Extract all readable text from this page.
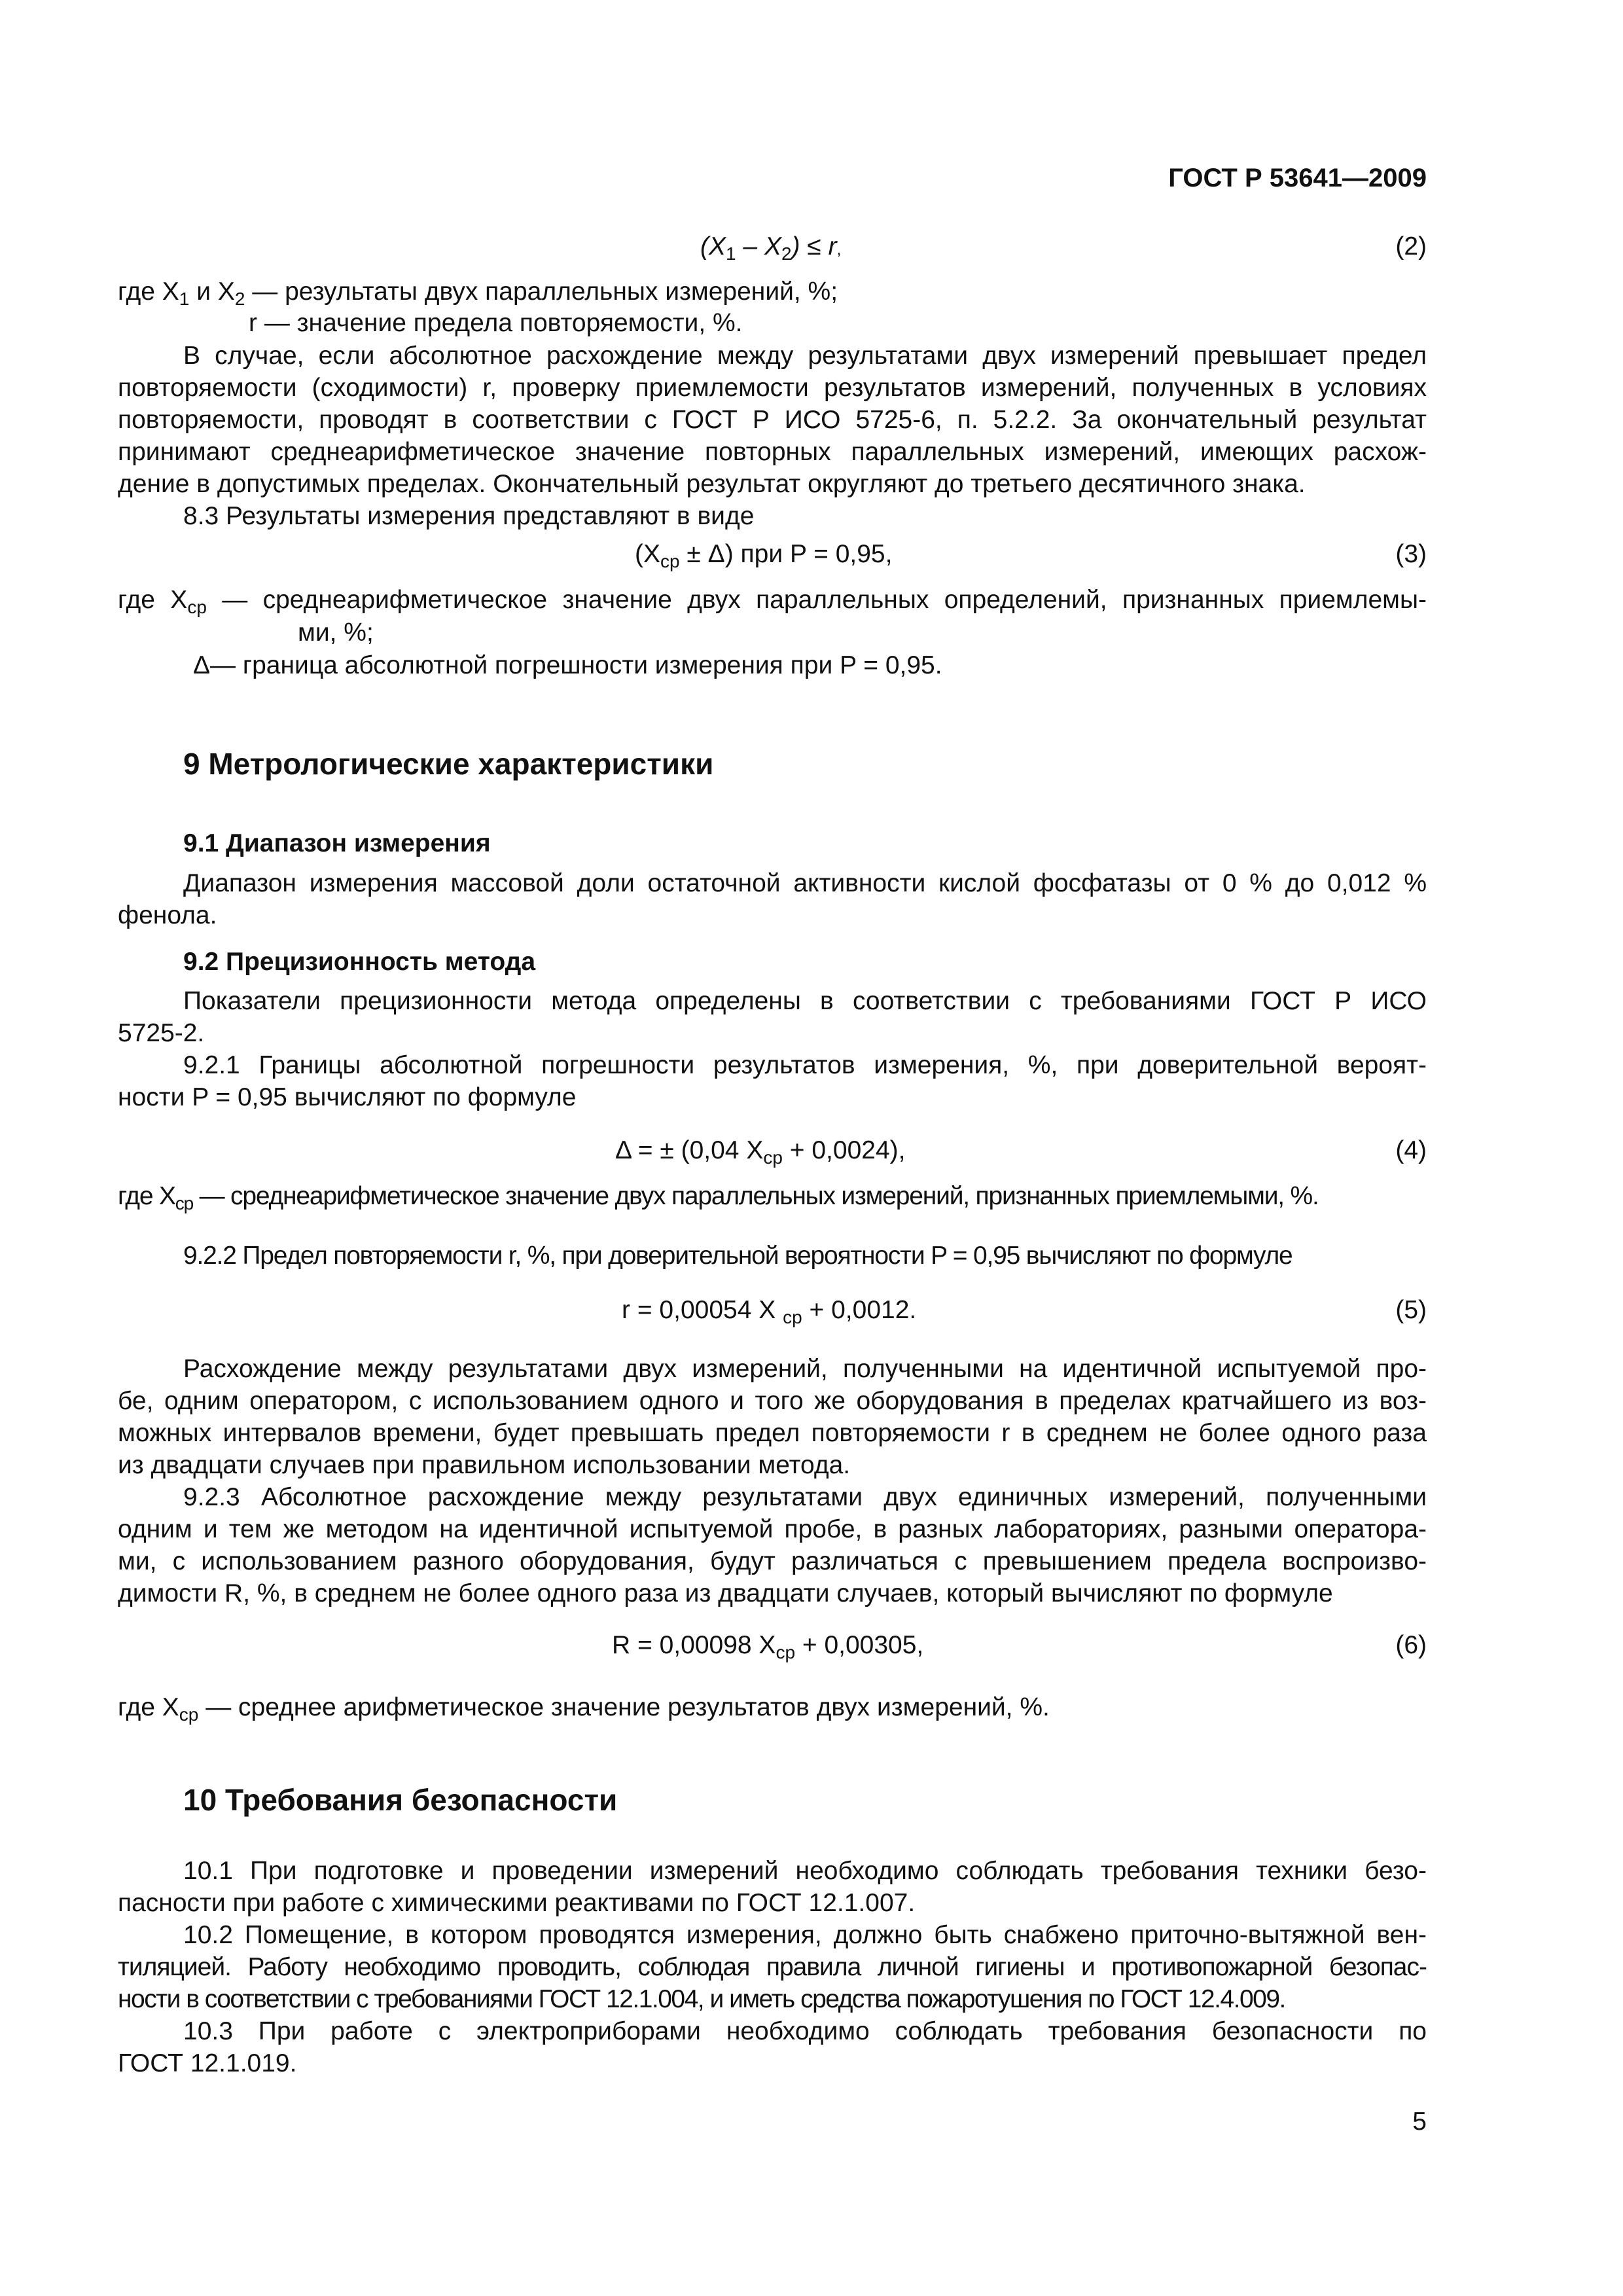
ГОСТ Р 53641—2009
$(X_1 - X_2) \le r$,	(2)
где $X_1$ и $X_2$ — результаты двух параллельных измерений, %;
r — значение предела повторяемости, %.
В случае, если абсолютное расхождение между результатами двух измерений превышает предел
повторяемости (сходимости) r, проверку приемлемости результатов измерений, полученных в условиях
повторяемости, проводят в соответствии с ГОСТ Р ИСО 5725-6, п. 5.2.2. За окончательный результат
принимают среднеарифметическое значение повторных параллельных измерений, имеющих расхож-
дение в допустимых пределах. Окончательный результат округляют до третьего десятичного знака.
8.3 Результаты измерения представляют в виде
$(X_{ср} \pm \Delta)$ при P = 0,95,	(3)
где $X_{ср}$ — среднеарифметическое значение двух параллельных определений, признанных приемлемы-
ми, %;
Δ— граница абсолютной погрешности измерения при P = 0,95.
9 Метрологические характеристики
9.1 Диапазон измерения
Диапазон измерения массовой доли остаточной активности кислой фосфатазы от 0 % до 0,012 %
фенола.
9.2 Прецизионность метода
Показатели прецизионности метода определены в соответствии с требованиями ГОСТ Р ИСО
5725-2.
9.2.1 Границы абсолютной погрешности результатов измерения, %, при доверительной вероят-
ности P = 0,95 вычисляют по формуле
Δ = ± (0,04 $X_{ср} + 0,0024$),	(4)
где $X_{ср}$ — среднеарифметическое значение двух параллельных измерений, признанных приемлемыми, %.
9.2.2 Предел повторяемости r, %, при доверительной вероятности P = 0,95 вычисляют по формуле
r = 0,00054 X $_{ср}$ + 0,0012.	(5)
Расхождение между результатами двух измерений, полученными на идентичной испытуемой про-
бе, одним оператором, с использованием одного и того же оборудования в пределах кратчайшего из воз-
можных интервалов времени, будет превышать предел повторяемости r в среднем не более одного раза
из двадцати случаев при правильном использовании метода.
9.2.3 Абсолютное расхождение между результатами двух единичных измерений, полученными
одним и тем же методом на идентичной испытуемой пробе, в разных лабораториях, разными оператора-
ми, с использованием разного оборудования, будут различаться с превышением предела воспроизво-
димости R, %, в среднем не более одного раза из двадцати случаев, который вычисляют по формуле
R = 0,00098 $X_{ср} + 0,00305$,	(6)
где $X_{ср}$ — среднее арифметическое значение результатов двух измерений, %.
10 Требования безопасности
10.1 При подготовке и проведении измерений необходимо соблюдать требования техники безо-
пасности при работе с химическими реактивами по ГОСТ 12.1.007.
10.2 Помещение, в котором проводятся измерения, должно быть снабжено приточно-вытяжной вен-
тиляцией. Работу необходимо проводить, соблюдая правила личной гигиены и противопожарной безопас-
ности в соответствии с требованиями ГОСТ 12.1.004, и иметь средства пожаротушения по ГОСТ 12.4.009.
10.3 При работе с электроприборами необходимо соблюдать требования безопасности по
ГОСТ 12.1.019.
5
